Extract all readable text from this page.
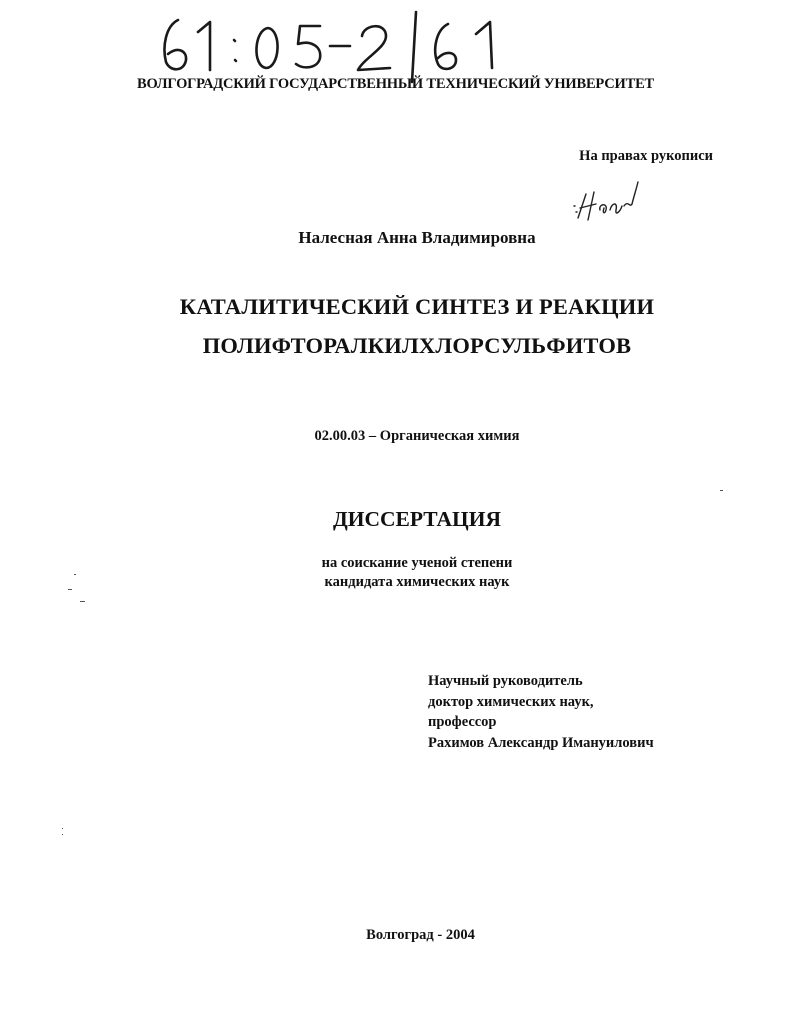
ВОЛГОГРАДСКИЙ ГОСУДАРСТВЕННЫЙ ТЕХНИЧЕСКИЙ УНИВЕРСИТЕТ
На правах рукописи
Налесная Анна Владимировна
КАТАЛИТИЧЕСКИЙ СИНТЕЗ И РЕАКЦИИ
ПОЛИФТОРАЛКИЛХЛОРСУЛЬФИТОВ
02.00.03 – Органическая химия
ДИССЕРТАЦИЯ
на соискание ученой степени
кандидата химических наук
Научный руководитель
доктор химических наук,
профессор
Рахимов Александр Имануилович
Волгоград - 2004
